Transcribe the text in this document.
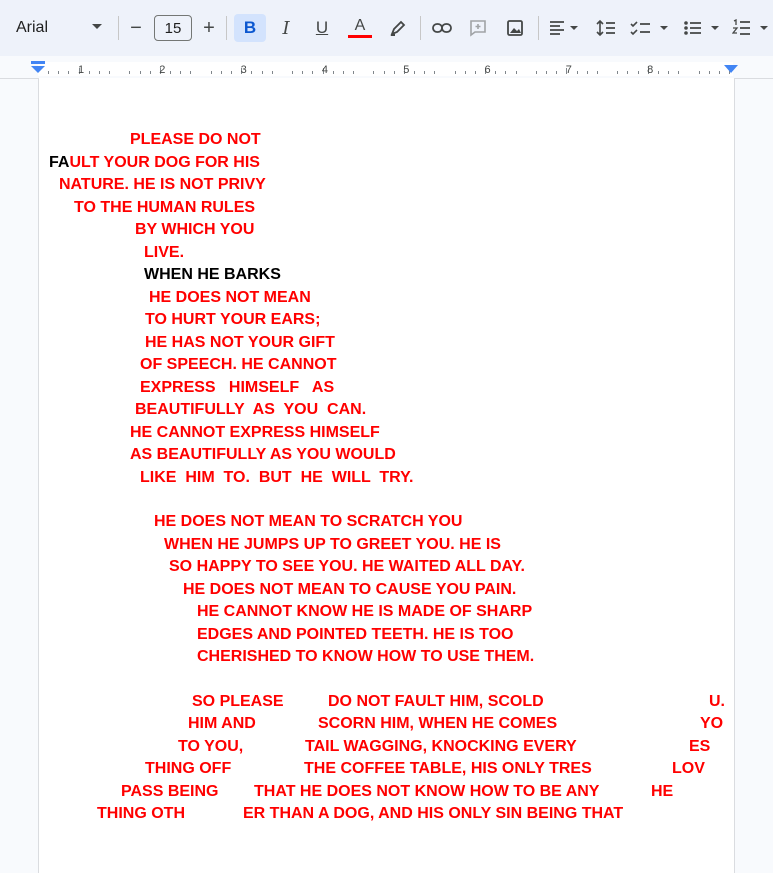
Arial	−	15	+	B	I	U	A
1	2	3	4	5	6	7	8
PLEASE DO NOT
FAULT YOUR DOG FOR HIS
NATURE. HE IS NOT PRIVY
TO THE HUMAN RULES
BY WHICH YOU
LIVE.
WHEN HE BARKS
HE DOES NOT MEAN
TO HURT YOUR EARS;
HE HAS NOT YOUR GIFT
OF SPEECH. HE CANNOT
EXPRESS   HIMSELF   AS
BEAUTIFULLY  AS  YOU  CAN.
HE CANNOT EXPRESS HIMSELF
AS BEAUTIFULLY AS YOU WOULD
LIKE  HIM  TO.  BUT  HE  WILL  TRY.
HE DOES NOT MEAN TO SCRATCH YOU
WHEN HE JUMPS UP TO GREET YOU. HE IS
SO HAPPY TO SEE YOU. HE WAITED ALL DAY.
HE DOES NOT MEAN TO CAUSE YOU PAIN.
HE CANNOT KNOW HE IS MADE OF SHARP
EDGES AND POINTED TEETH. HE IS TOO
CHERISHED TO KNOW HOW TO USE THEM.
SO PLEASE	DO NOT FAULT HIM, SCOLD	U.
HIM AND	SCORN HIM, WHEN HE COMES	YO
TO YOU,	TAIL WAGGING, KNOCKING EVERY	ES
THING OFF	THE COFFEE TABLE, HIS ONLY TRES	LOV
PASS BEING THAT HE DOES NOT KNOW HOW TO BE ANY	HE
THING OTH	ER THAN A DOG, AND HIS ONLY SIN BEING THAT
